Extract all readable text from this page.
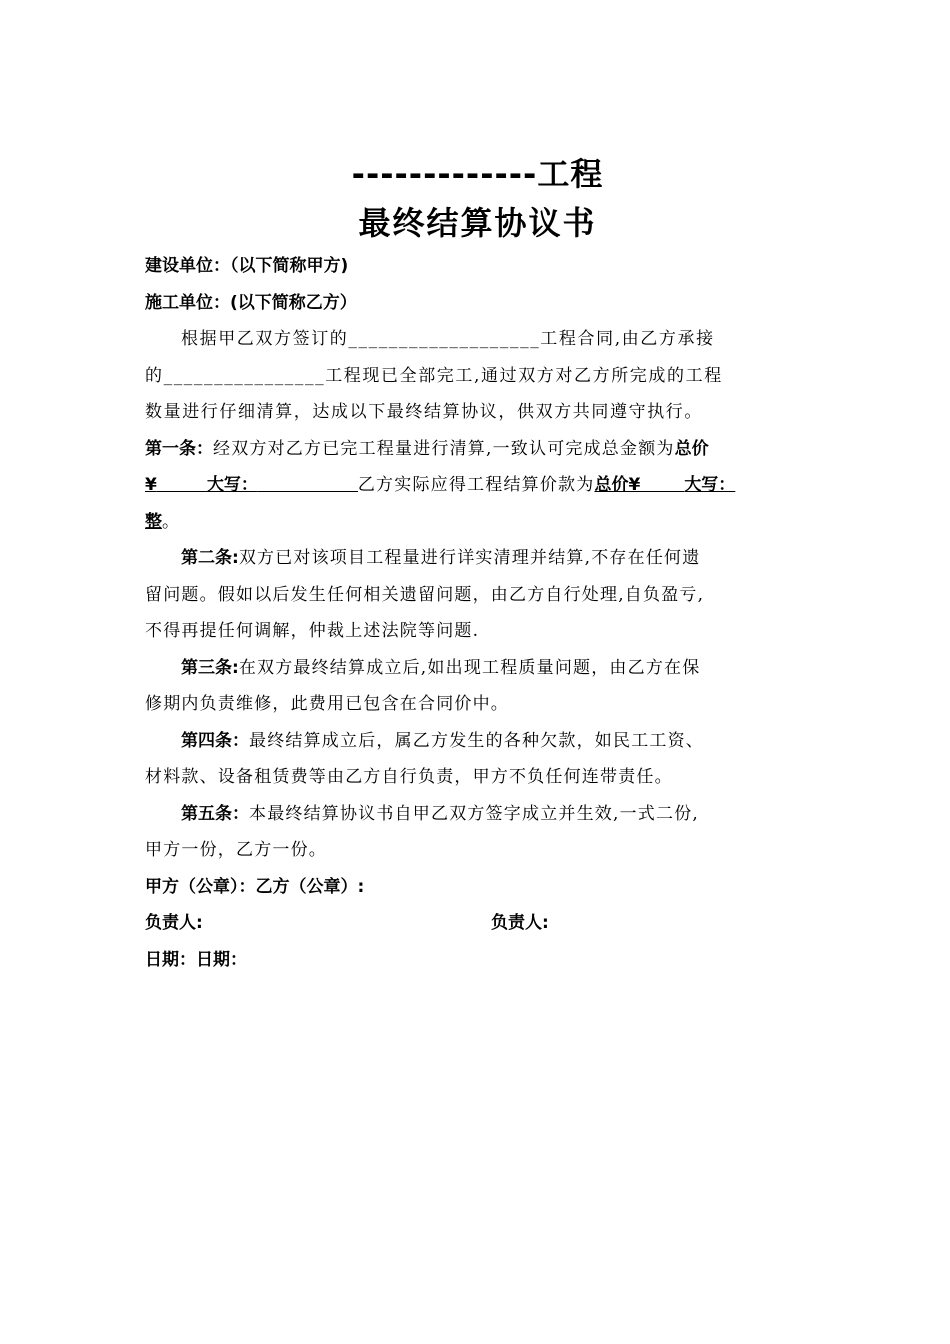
-------------工程
最终结算协议书
建设单位：（以下简称甲方)
施工单位：(以下简称乙方）
根据甲乙双方签订的___________________工程合同,由乙方承接
的________________工程现已全部完工,通过双方对乙方所完成的工程
数量进行仔细清算，达成以下最终结算协议，供双方共同遵守执行。
第一条：经双方对乙方已完工程量进行清算,一致认可完成总金额为总价
¥	大写：	乙方实际应得工程结算价款为总价¥	大写：
整。
第二条:双方已对该项目工程量进行详实清理并结算,不存在任何遗
留问题。假如以后发生任何相关遗留问题，由乙方自行处理,自负盈亏,
不得再提任何调解，仲裁上述法院等问题.
第三条:在双方最终结算成立后,如出现工程质量问题，由乙方在保
修期内负责维修，此费用已包含在合同价中。
第四条：最终结算成立后，属乙方发生的各种欠款，如民工工资、
材料款、设备租赁费等由乙方自行负责，甲方不负任何连带责任。
第五条：本最终结算协议书自甲乙双方签字成立并生效,一式二份,
甲方一份，乙方一份。
甲方（公章）：乙方（公章）:
负责人:	负责人:
日期：日期：
